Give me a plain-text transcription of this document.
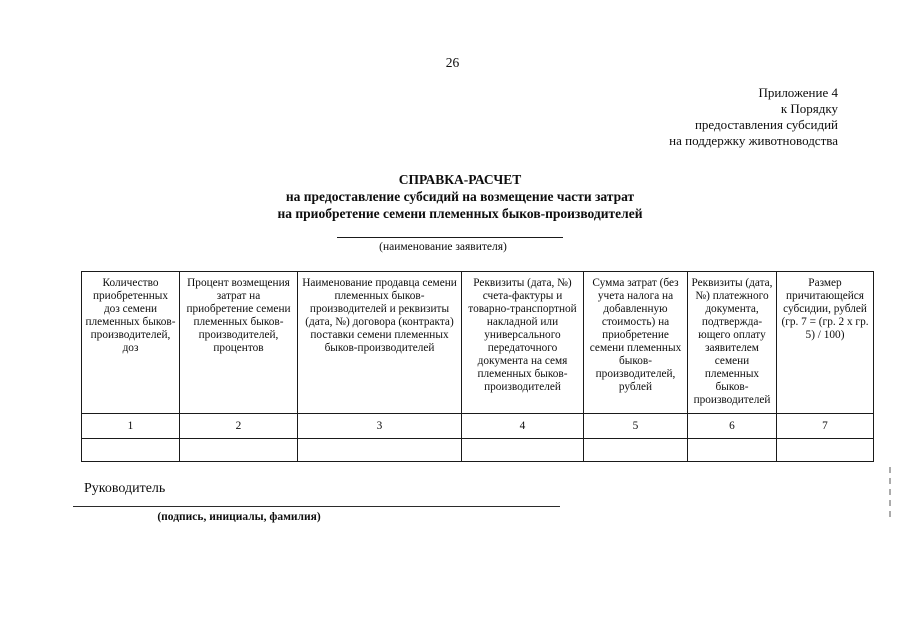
26
Приложение 4
к Порядку
предоставления субсидий
на поддержку животноводства
СПРАВКА-РАСЧЕТ
на предоставление субсидий на возмещение части затрат
на приобретение семени племенных быков-производителей
(наименование заявителя)
Количество приобретенных доз семени племенных быков-производителей, доз	Процент возмещения затрат на приобретение семени племенных быков-производителей, процентов	Наименование продавца семени племенных быков-производителей и реквизиты (дата, №) договора (контракта) поставки семени племенных быков-производителей	Реквизиты (дата, №) счета-фактуры и товарно-транспортной накладной или универсального передаточного документа на семя племенных быков-производителей	Сумма затрат (без учета налога на добавленную стоимость) на приобретение семени племенных быков-производителей, рублей	Реквизиты (дата, №) платежного документа, подтверждающего оплату заявителем семени племенных быков-производителей	Размер причитающейся субсидии, рублей (гр. 7 = (гр. 2 х гр. 5) / 100)
1	2	3	4	5	6	7

Руководитель
(подпись, инициалы, фамилия)
